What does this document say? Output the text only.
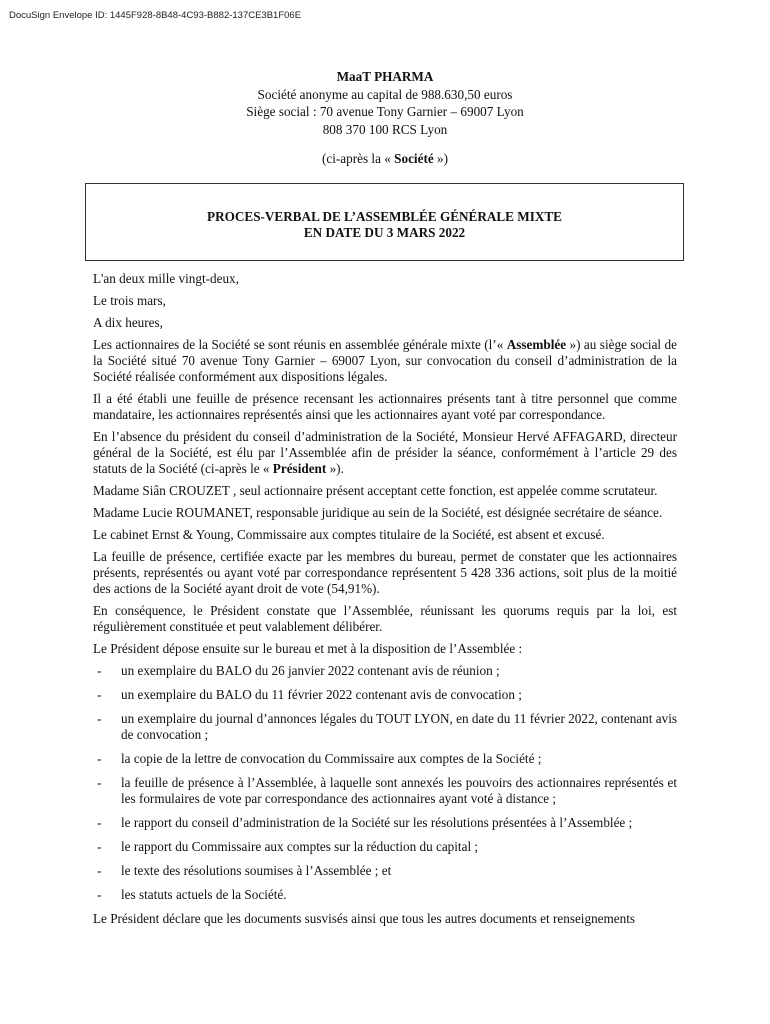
DocuSign Envelope ID: 1445F928-8B48-4C93-B882-137CE3B1F06E
MaaT PHARMA
Société anonyme au capital de 988.630,50 euros
Siège social : 70 avenue Tony Garnier – 69007 Lyon
808 370 100 RCS Lyon
(ci-après la « Société »)
PROCES-VERBAL DE L’ASSEMBLÉE GÉNÉRALE MIXTE
EN DATE DU 3 MARS 2022

L'an deux mille vingt-deux,

Le trois mars,

A dix heures,

Les actionnaires de la Société se sont réunis en assemblée générale mixte (l’« Assemblée ») au siège social de la Société situé 70 avenue Tony Garnier – 69007 Lyon, sur convocation du conseil d’administration de la Société réalisée conformément aux dispositions légales.

Il a été établi une feuille de présence recensant les actionnaires présents tant à titre personnel que comme mandataire, les actionnaires représentés ainsi que les actionnaires ayant voté par correspondance.

En l’absence du président du conseil d’administration de la Société, Monsieur Hervé AFFAGARD, directeur général de la Société, est élu par l’Assemblée afin de présider la séance, conformément à l’article 29 des statuts de la Société (ci-après le « Président »).

Madame Siân CROUZET , seul actionnaire présent acceptant cette fonction, est appelée comme scrutateur.

Madame Lucie ROUMANET, responsable juridique au sein de la Société, est désignée secrétaire de séance.

Le cabinet Ernst & Young, Commissaire aux comptes titulaire de la Société, est absent et excusé.

La feuille de présence, certifiée exacte par les membres du bureau, permet de constater que les actionnaires présents, représentés ou ayant voté par correspondance représentent 5 428 336 actions, soit plus de la moitié des actions de la Société ayant droit de vote (54,91%).

En conséquence, le Président constate que l’Assemblée, réunissant les quorums requis par la loi, est régulièrement constituée et peut valablement délibérer.

Le Président dépose ensuite sur le bureau et met à la disposition de l’Assemblée :

- un exemplaire du BALO du 26 janvier 2022 contenant avis de réunion ;
- un exemplaire du BALO du 11 février 2022 contenant avis de convocation ;
- un exemplaire du journal d’annonces légales du TOUT LYON, en date du 11 février 2022, contenant avis de convocation ;
- la copie de la lettre de convocation du Commissaire aux comptes de la Société ;
- la feuille de présence à l’Assemblée, à laquelle sont annexés les pouvoirs des actionnaires représentés et les formulaires de vote par correspondance des actionnaires ayant voté à distance ;
- le rapport du conseil d’administration de la Société sur les résolutions présentées à l’Assemblée ;
- le rapport du Commissaire aux comptes sur la réduction du capital ;
- le texte des résolutions soumises à l’Assemblée ; et
- les statuts actuels de la Société.

Le Président déclare que les documents susvisés ainsi que tous les autres documents et renseignements
